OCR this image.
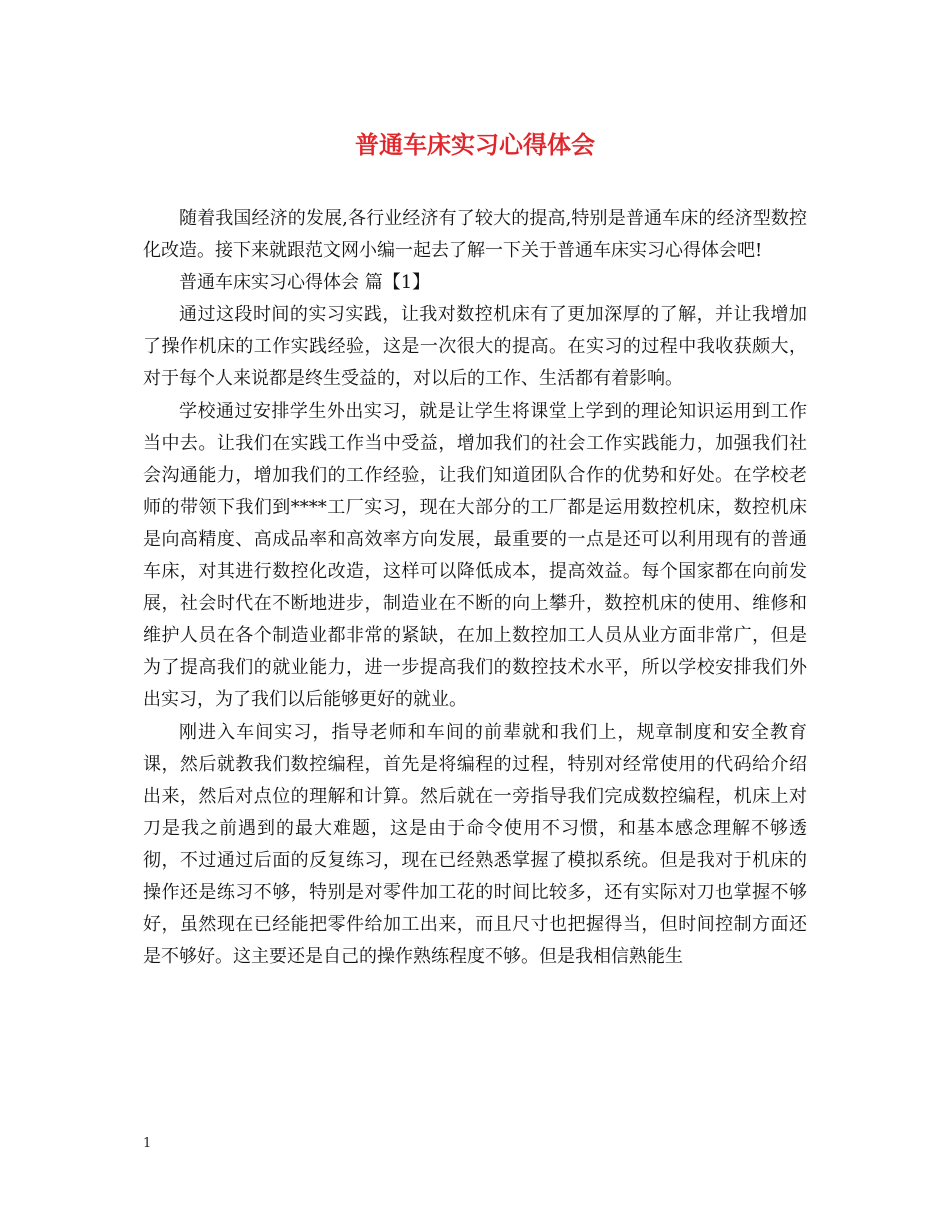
普通车床实习心得体会

随着我国经济的发展,各行业经济有了较大的提高,特别是普通车床的经济型数控化改造。接下来就跟范文网小编一起去了解一下关于普通车床实习心得体会吧!

普通车床实习心得体会 篇【1】

通过这段时间的实习实践，让我对数控机床有了更加深厚的了解，并让我增加了操作机床的工作实践经验，这是一次很大的提高。在实习的过程中我收获颇大，对于每个人来说都是终生受益的，对以后的工作、生活都有着影响。

学校通过安排学生外出实习，就是让学生将课堂上学到的理论知识运用到工作当中去。让我们在实践工作当中受益，增加我们的社会工作实践能力，加强我们社会沟通能力，增加我们的工作经验，让我们知道团队合作的优势和好处。在学校老师的带领下我们到****工厂实习，现在大部分的工厂都是运用数控机床，数控机床是向高精度、高成品率和高效率方向发展，最重要的一点是还可以利用现有的普通车床，对其进行数控化改造，这样可以降低成本，提高效益。每个国家都在向前发展，社会时代在不断地进步，制造业在不断的向上攀升，数控机床的使用、维修和维护人员在各个制造业都非常的紧缺，在加上数控加工人员从业方面非常广，但是为了提高我们的就业能力，进一步提高我们的数控技术水平，所以学校安排我们外出实习，为了我们以后能够更好的就业。

刚进入车间实习，指导老师和车间的前辈就和我们上，规章制度和安全教育课，然后就教我们数控编程，首先是将编程的过程，特别对经常使用的代码给介绍出来，然后对点位的理解和计算。然后就在一旁指导我们完成数控编程，机床上对刀是我之前遇到的最大难题，这是由于命令使用不习惯，和基本感念理解不够透彻，不过通过后面的反复练习，现在已经熟悉掌握了模拟系统。但是我对于机床的操作还是练习不够，特别是对零件加工花的时间比较多，还有实际对刀也掌握不够好，虽然现在已经能把零件给加工出来，而且尺寸也把握得当，但时间控制方面还是不够好。这主要还是自己的操作熟练程度不够。但是我相信熟能生

1
